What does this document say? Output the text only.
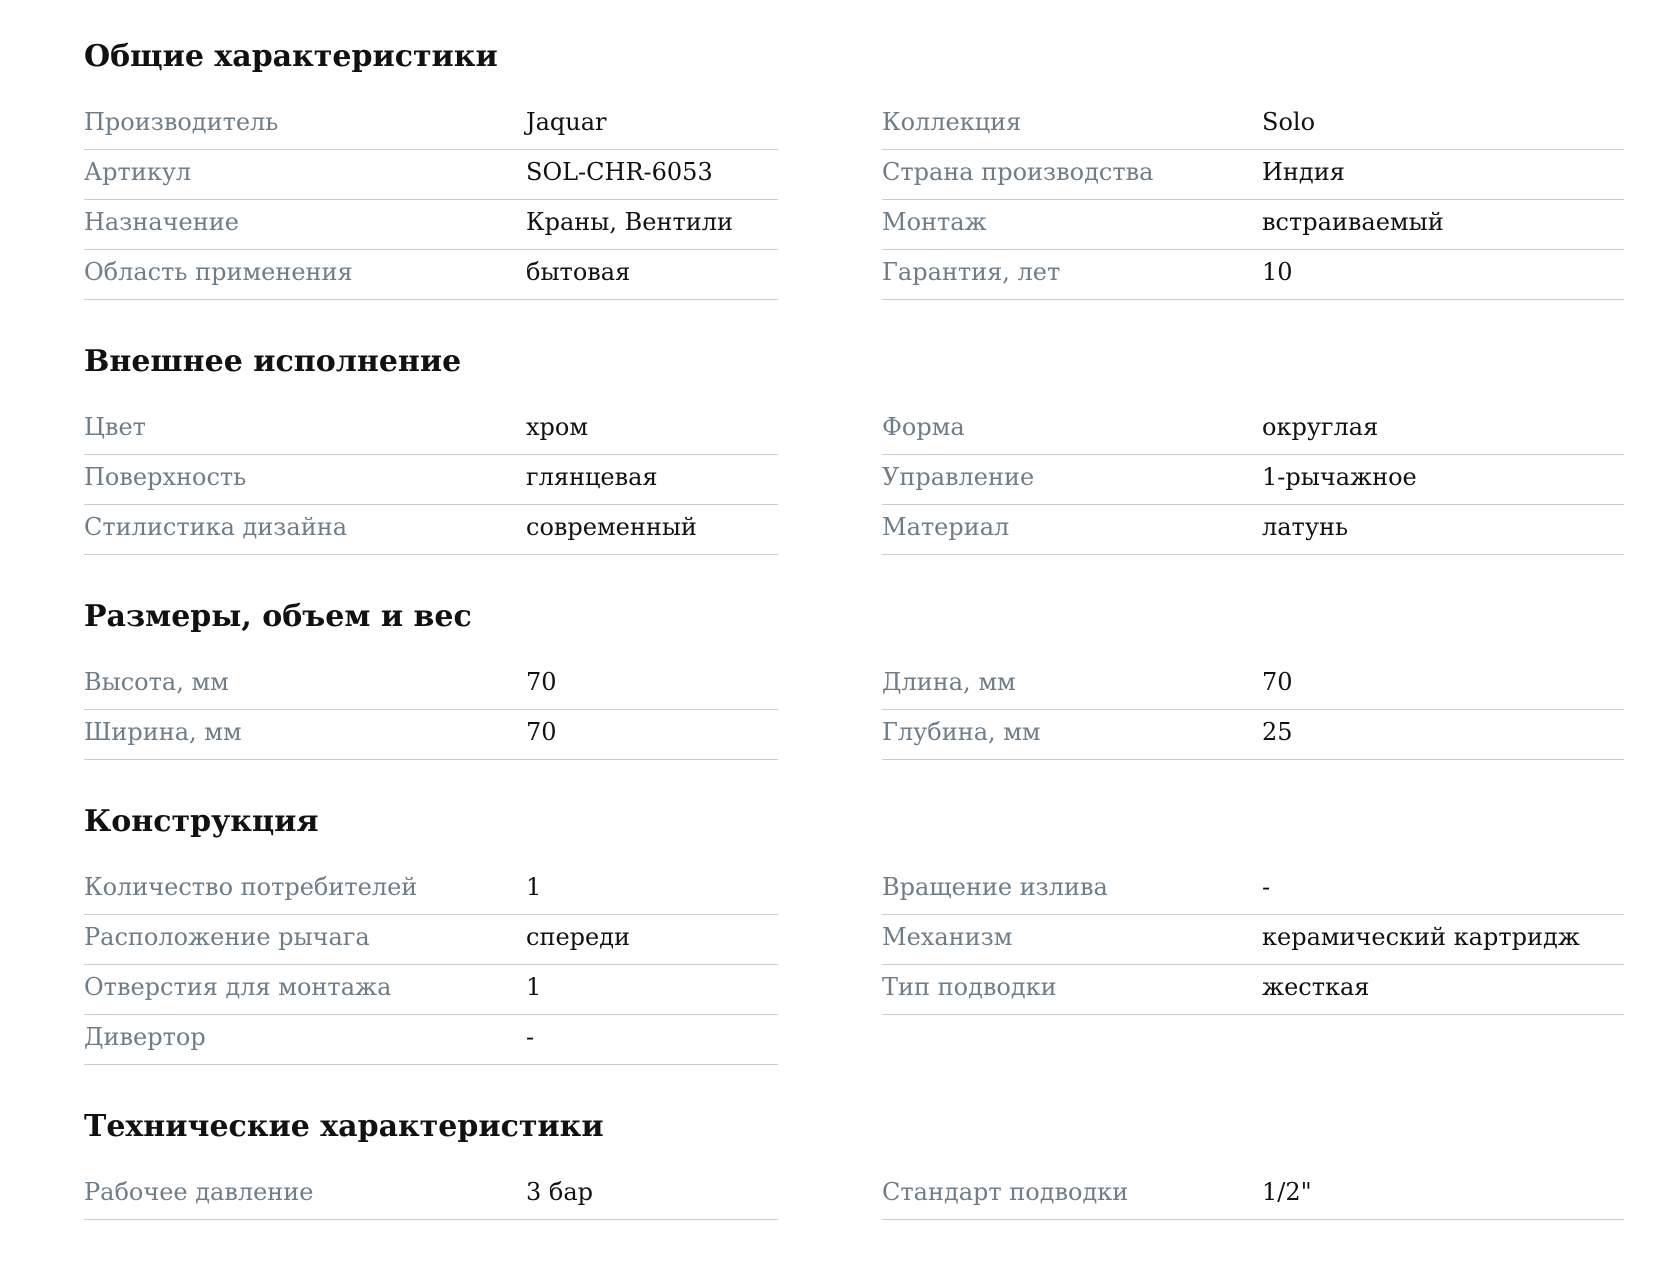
Общие характеристики
Производитель	Jaquar
Артикул	SOL-CHR-6053
Назначение	Краны, Вентили
Область применения	бытовая
Коллекция	Solo
Страна производства	Индия
Монтаж	встраиваемый
Гарантия, лет	10
Внешнее исполнение
Цвет	хром
Поверхность	глянцевая
Стилистика дизайна	современный
Форма	округлая
Управление	1-рычажное
Материал	латунь
Размеры, объем и вес
Высота, мм	70
Ширина, мм	70
Длина, мм	70
Глубина, мм	25
Конструкция
Количество потребителей	1
Расположение рычага	спереди
Отверстия для монтажа	1
Дивертор	-
Вращение излива	-
Механизм	керамический картридж
Тип подводки	жесткая
Технические характеристики
Рабочее давление	3 бар	Стандарт подводки	1/2"
